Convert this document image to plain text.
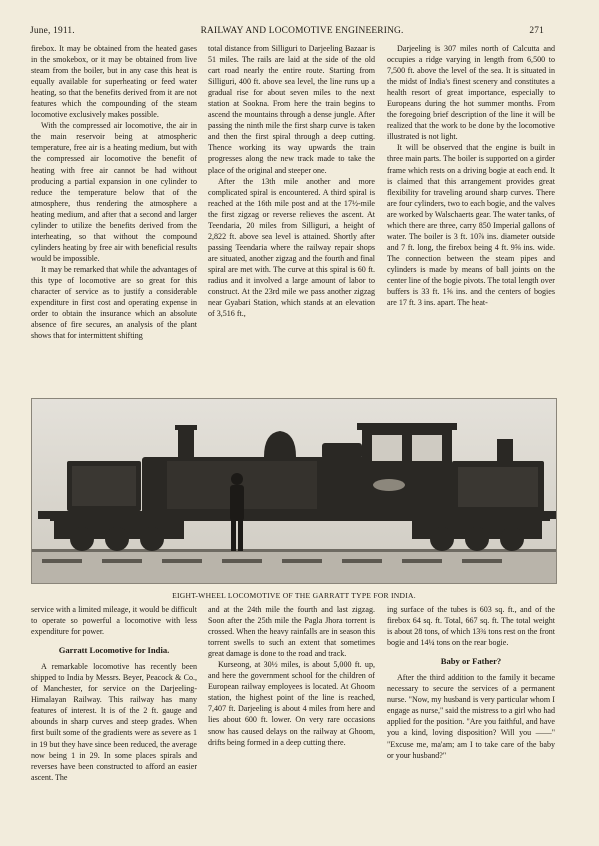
June, 1911.	RAILWAY AND LOCOMOTIVE ENGINEERING.	271

firebox. It may be obtained from the heated gases in the smokebox, or it may be obtained from live steam from the boiler, but in any case this heat is equally available for superheating or feed water heating, so that the benefits derived from it are not features which the compounding of the steam locomotive exclusively makes possible.

With the compressed air locomotive, the air in the main reservoir being at atmospheric temperature, free air is a heating medium, but with the compressed air locomotive the benefit of heating with free air cannot be had without producing a partial expansion in one cylinder to reduce the temperature below that of the atmosphere, thus rendering the atmosphere a heating medium, and after that a second and larger cylinder to utilize the benefits derived from the interheating, so that without the compound cylinders heating by free air with beneficial results would be impossible.

It may be remarked that while the advantages of this type of locomotive are so great for this character of service as to justify a considerable expenditure in first cost and operating expense in order to obtain the insurance which an absolute absence of fire secures, an analysis of the plant shows that for intermittent shifting

total distance from Silliguri to Darjeeling Bazaar is 51 miles. The rails are laid at the side of the old cart road nearly the entire route. Starting from Silliguri, 400 ft. above sea level, the line runs up a gradual rise for about seven miles to the next station at Sookna. From here the train begins to ascend the mountains through a dense jungle. After passing the ninth mile the first sharp curve is taken and then the first spiral through a deep cutting. Thence working its way upwards the train progresses along the new track made to take the place of the original and steeper one.

After the 13th mile another and more complicated spiral is encountered. A third spiral is reached at the 16th mile post and at the 17½-mile the first zigzag or reverse relieves the ascent. At Teendaria, 20 miles from Silliguri, a height of 2,822 ft. above sea level is attained. Shortly after passing Teendaria where the railway repair shops are situated, another zigzag and the fourth and final spiral are met with. The curve at this spiral is 60 ft. radius and it involved a large amount of labor to construct. At the 23rd mile we pass another zigzag near Gyabari Station, which stands at an elevation of 3,516 ft.,

Darjeeling is 307 miles north of Calcutta and occupies a ridge varying in length from 6,500 to 7,500 ft. above the level of the sea. It is situated in the midst of India's finest scenery and constitutes a health resort of great importance, especially to Europeans during the hot summer months. From the foregoing brief description of the line it will be realized that the work to be done by the locomotive illustrated is not light.

It will be observed that the engine is built in three main parts. The boiler is supported on a girder frame which rests on a driving bogie at each end. It is claimed that this arrangement provides great flexibility for traveling around sharp curves. There are four cylinders, two to each bogie, and the valves are worked by Walschaerts gear. The water tanks, of which there are three, carry 850 Imperial gallons of water. The boiler is 3 ft. 10⅞ ins. diameter outside and 7 ft. long, the firebox being 4 ft. 9⅝ ins. wide. The connection between the steam pipes and cylinders is made by means of ball joints on the center line of the bogie pivots. The total length over buffers is 33 ft. 1⅝ ins. and the centers of bogies are 17 ft. 3 ins. apart. The heat-

EIGHT-WHEEL LOCOMOTIVE OF THE GARRATT TYPE FOR INDIA.

service with a limited mileage, it would be difficult to operate so powerful a locomotive with less expenditure for power.

Garratt Locomotive for India.

A remarkable locomotive has recently been shipped to India by Messrs. Beyer, Peacock & Co., of Manchester, for service on the Darjeeling-Himalayan Railway. This railway has many features of interest. It is of the 2 ft. gauge and abounds in sharp curves and steep grades. When first built some of the gradients were as severe as 1 in 19 but they have since been reduced, the average now being 1 in 29. In some places spirals and reverses have been constructed to afford an easier ascent. The

and at the 24th mile the fourth and last zigzag. Soon after the 25th mile the Pagla Jhora torrent is crossed. When the heavy rainfalls are in season this torrent swells to such an extent that sometimes great damage is done to the road and track.

Kurseong, at 30½ miles, is about 5,000 ft. up, and here the government school for the children of European railway employees is located. At Ghoom station, the highest point of the line is reached, 7,407 ft. Darjeeling is about 4 miles from here and lies about 600 ft. lower. On very rare occasions snow has caused delays on the railway at Ghoom, drifts being formed in a deep cutting there.

ing surface of the tubes is 603 sq. ft., and of the firebox 64 sq. ft. Total, 667 sq. ft. The total weight is about 28 tons, of which 13¾ tons rest on the front bogie and 14¼ tons on the rear bogie.

Baby or Father?

After the third addition to the family it became necessary to secure the services of a permanent nurse. "Now, my husband is very particular whom I engage as nurse," said the mistress to a girl who had applied for the position. "Are you faithful, and have you a kind, loving disposition? Will you ——" "Excuse me, ma'am; am I to take care of the baby or your husband?"
